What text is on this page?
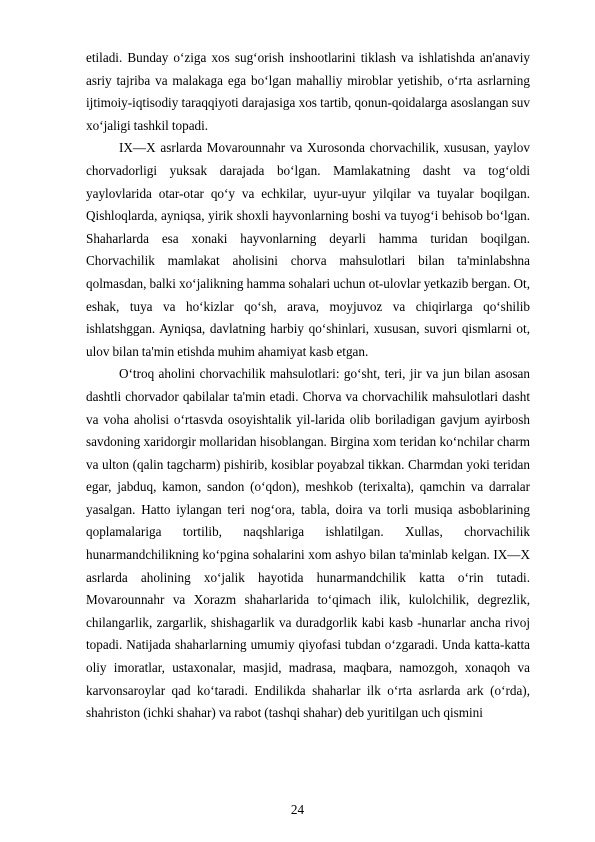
etiladi. Bunday o‘ziga xos sug‘orish inshootlarini tiklash va ishlatishda an'anaviy asriy tajriba va malakaga ega bo‘lgan mahalliy miroblar yetishib, o‘rta asrlarning ijtimoiy-iqtisodiy taraqqiyoti darajasiga xos tartib, qonun-qoidalarga asoslangan suv xo‘jaligi tashkil topadi.

IX—X asrlarda Movarounnahr va Xurosonda chorvachilik, xususan, yaylov chorvadorligi yuksak darajada bo‘lgan. Mamlakatning dasht va tog‘oldi yaylovlarida otar-otar qo‘y va echkilar, uyur-uyur yilqilar va tuyalar boqilgan. Qishloqlarda, ayniqsa, yirik shoxli hayvonlarning boshi va tuyog‘i behisob bo‘lgan. Shaharlarda esa xonaki hayvonlarning deyarli hamma turidan boqilgan. Chorvachilik mamlakat aholisini chorva mahsulotlari bilan ta'minlabshna qolmasdan, balki xo‘jalikning hamma sohalari uchun ot-ulovlar yetkazib bergan. Ot, eshak, tuya va ho‘kizlar qo‘sh, arava, moyjuvoz va chiqirlarga qo‘shilib ishlatshggan. Ayniqsa, davlatning harbiy qo‘shinlari, xususan, suvori qismlarni ot, ulov bilan ta'min etishda muhim ahamiyat kasb etgan.

O‘troq aholini chorvachilik mahsulotlari: go‘sht, teri, jir va jun bilan asosan dashtli chorvador qabilalar ta'min etadi. Chorva va chorvachilik mahsulotlari dasht va voha aholisi o‘rtasvda osoyishtalik yil-larida olib boriladigan gavjum ayirbosh savdoning xaridorgir mollaridan hisoblangan. Birgina xom teridan ko‘nchilar charm va ulton (qalin tagcharm) pishirib, kosiblar poyabzal tikkan. Charmdan yoki teridan egar, jabduq, kamon, sandon (o‘qdon), meshkob (terixalta), qamchin va darralar yasalgan. Hatto iylangan teri nog‘ora, tabla, doira va torli musiqa asboblarining qoplamalariga tortilib, naqshlariga ishlatilgan. Xullas, chorvachilik hunarmandchilikning ko‘pgina sohalarini xom ashyo bilan ta'minlab kelgan. IX—X asrlarda aholining xo‘jalik hayotida hunarmandchilik katta o‘rin tutadi. Movarounnahr va Xorazm shaharlarida to‘qimach ilik, kulolchilik, degrezlik, chilangarlik, zargarlik, shishagarlik va duradgorlik kabi kasb -hunarlar ancha rivoj topadi. Natijada shaharlarning umumiy qiyofasi tubdan o‘zgaradi. Unda katta-katta oliy imoratlar, ustaxonalar, masjid, madrasa, maqbara, namozgoh, xonaqoh va karvonsaroylar qad ko‘taradi. Endilikda shaharlar ilk o‘rta asrlarda ark (o‘rda), shahriston (ichki shahar) va rabot (tashqi shahar) deb yuritilgan uch qismini

24
